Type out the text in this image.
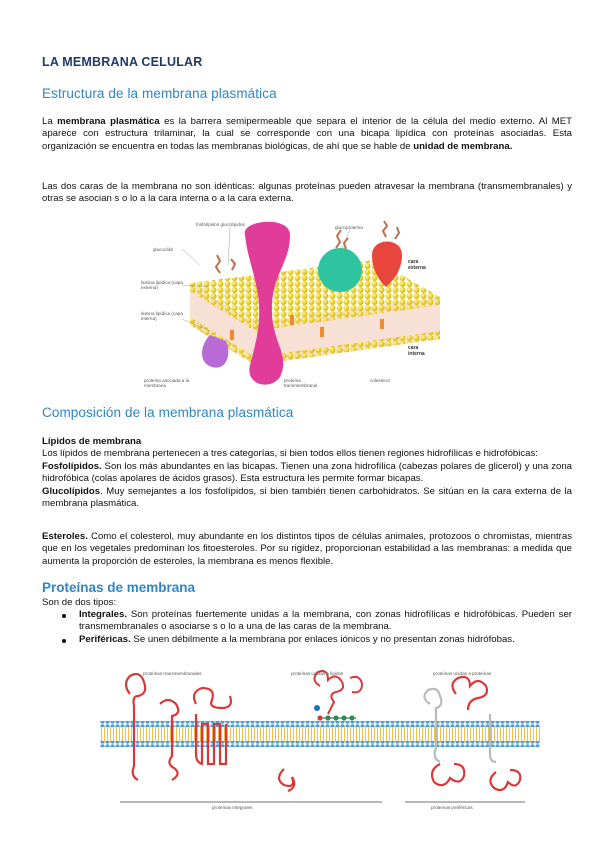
LA MEMBRANA CELULAR
Estructura de la membrana plasmática
La membrana plasmática es la barrera semipermeable que separa el interior de la célula del medio externo. Al MET aparece con estructura trilaminar, la cual se corresponde con una bicapa lipídica con proteínas asociadas. Esta organización se encuentra en todas las membranas biológicas, de ahí que se hable de unidad de membrana.
Las dos caras de la membrana no son idénticas: algunas proteínas pueden atravesar la membrana (transmembranales) y otras se asocian s o lo a la cara interna o a la cara externa.
fosfolípidos glucolípidos
glucoproteína
glucocáliz
lamina lipídica (capa externa)
lamina lipídica (capa interna)
cara
externa
cara
interna
proteína asociada a la membrana
proteína transmembranal
colesterol
Composición de la membrana plasmática
Lípidos de membrana
Los lípidos de membrana pertenecen a tres categorías, si bien todos ellos tienen regiones hidrofílicas e hidrofóbicas:
Fosfolípidos. Son los más abundantes en las bicapas. Tienen una zona hidrofílica (cabezas polares de glicerol) y una zona hidrofóbica (colas apolares de ácidos grasos). Esta estructura les permite formar bicapas.
Glucolípidos. Muy semejantes a los fosfolípidos, si bien también tienen carbohidratos. Se sitúan en la cara externa de la membrana plasmática.
Esteroles. Como el colesterol, muy abundante en los distintos tipos de células animales, protozoos o chromistas, mientras que en los vegetales predominan los fitoesteroles. Por su rigidez, proporcionan estabilidad a las membranas: a medida que aumenta la proporción de esteroles, la membrana es menos flexible.
Proteínas de membrana
Son de dos tipos:
Integrales. Son proteínas fuertemente unidas a la membrana, con zonas hidrofílicas e hidrofóbicas. Pueden ser transmembranales o asociarse s o lo a una de las caras de la membrana.
Periféricas. Se unen débilmente a la membrana por enlaces iónicos y no presentan zonas hidrófobas.
proteínas transmembranales	proteínas unidas a lípidos	proteínas unidas a proteínas
proteínas integrales	proteínas periféricas
